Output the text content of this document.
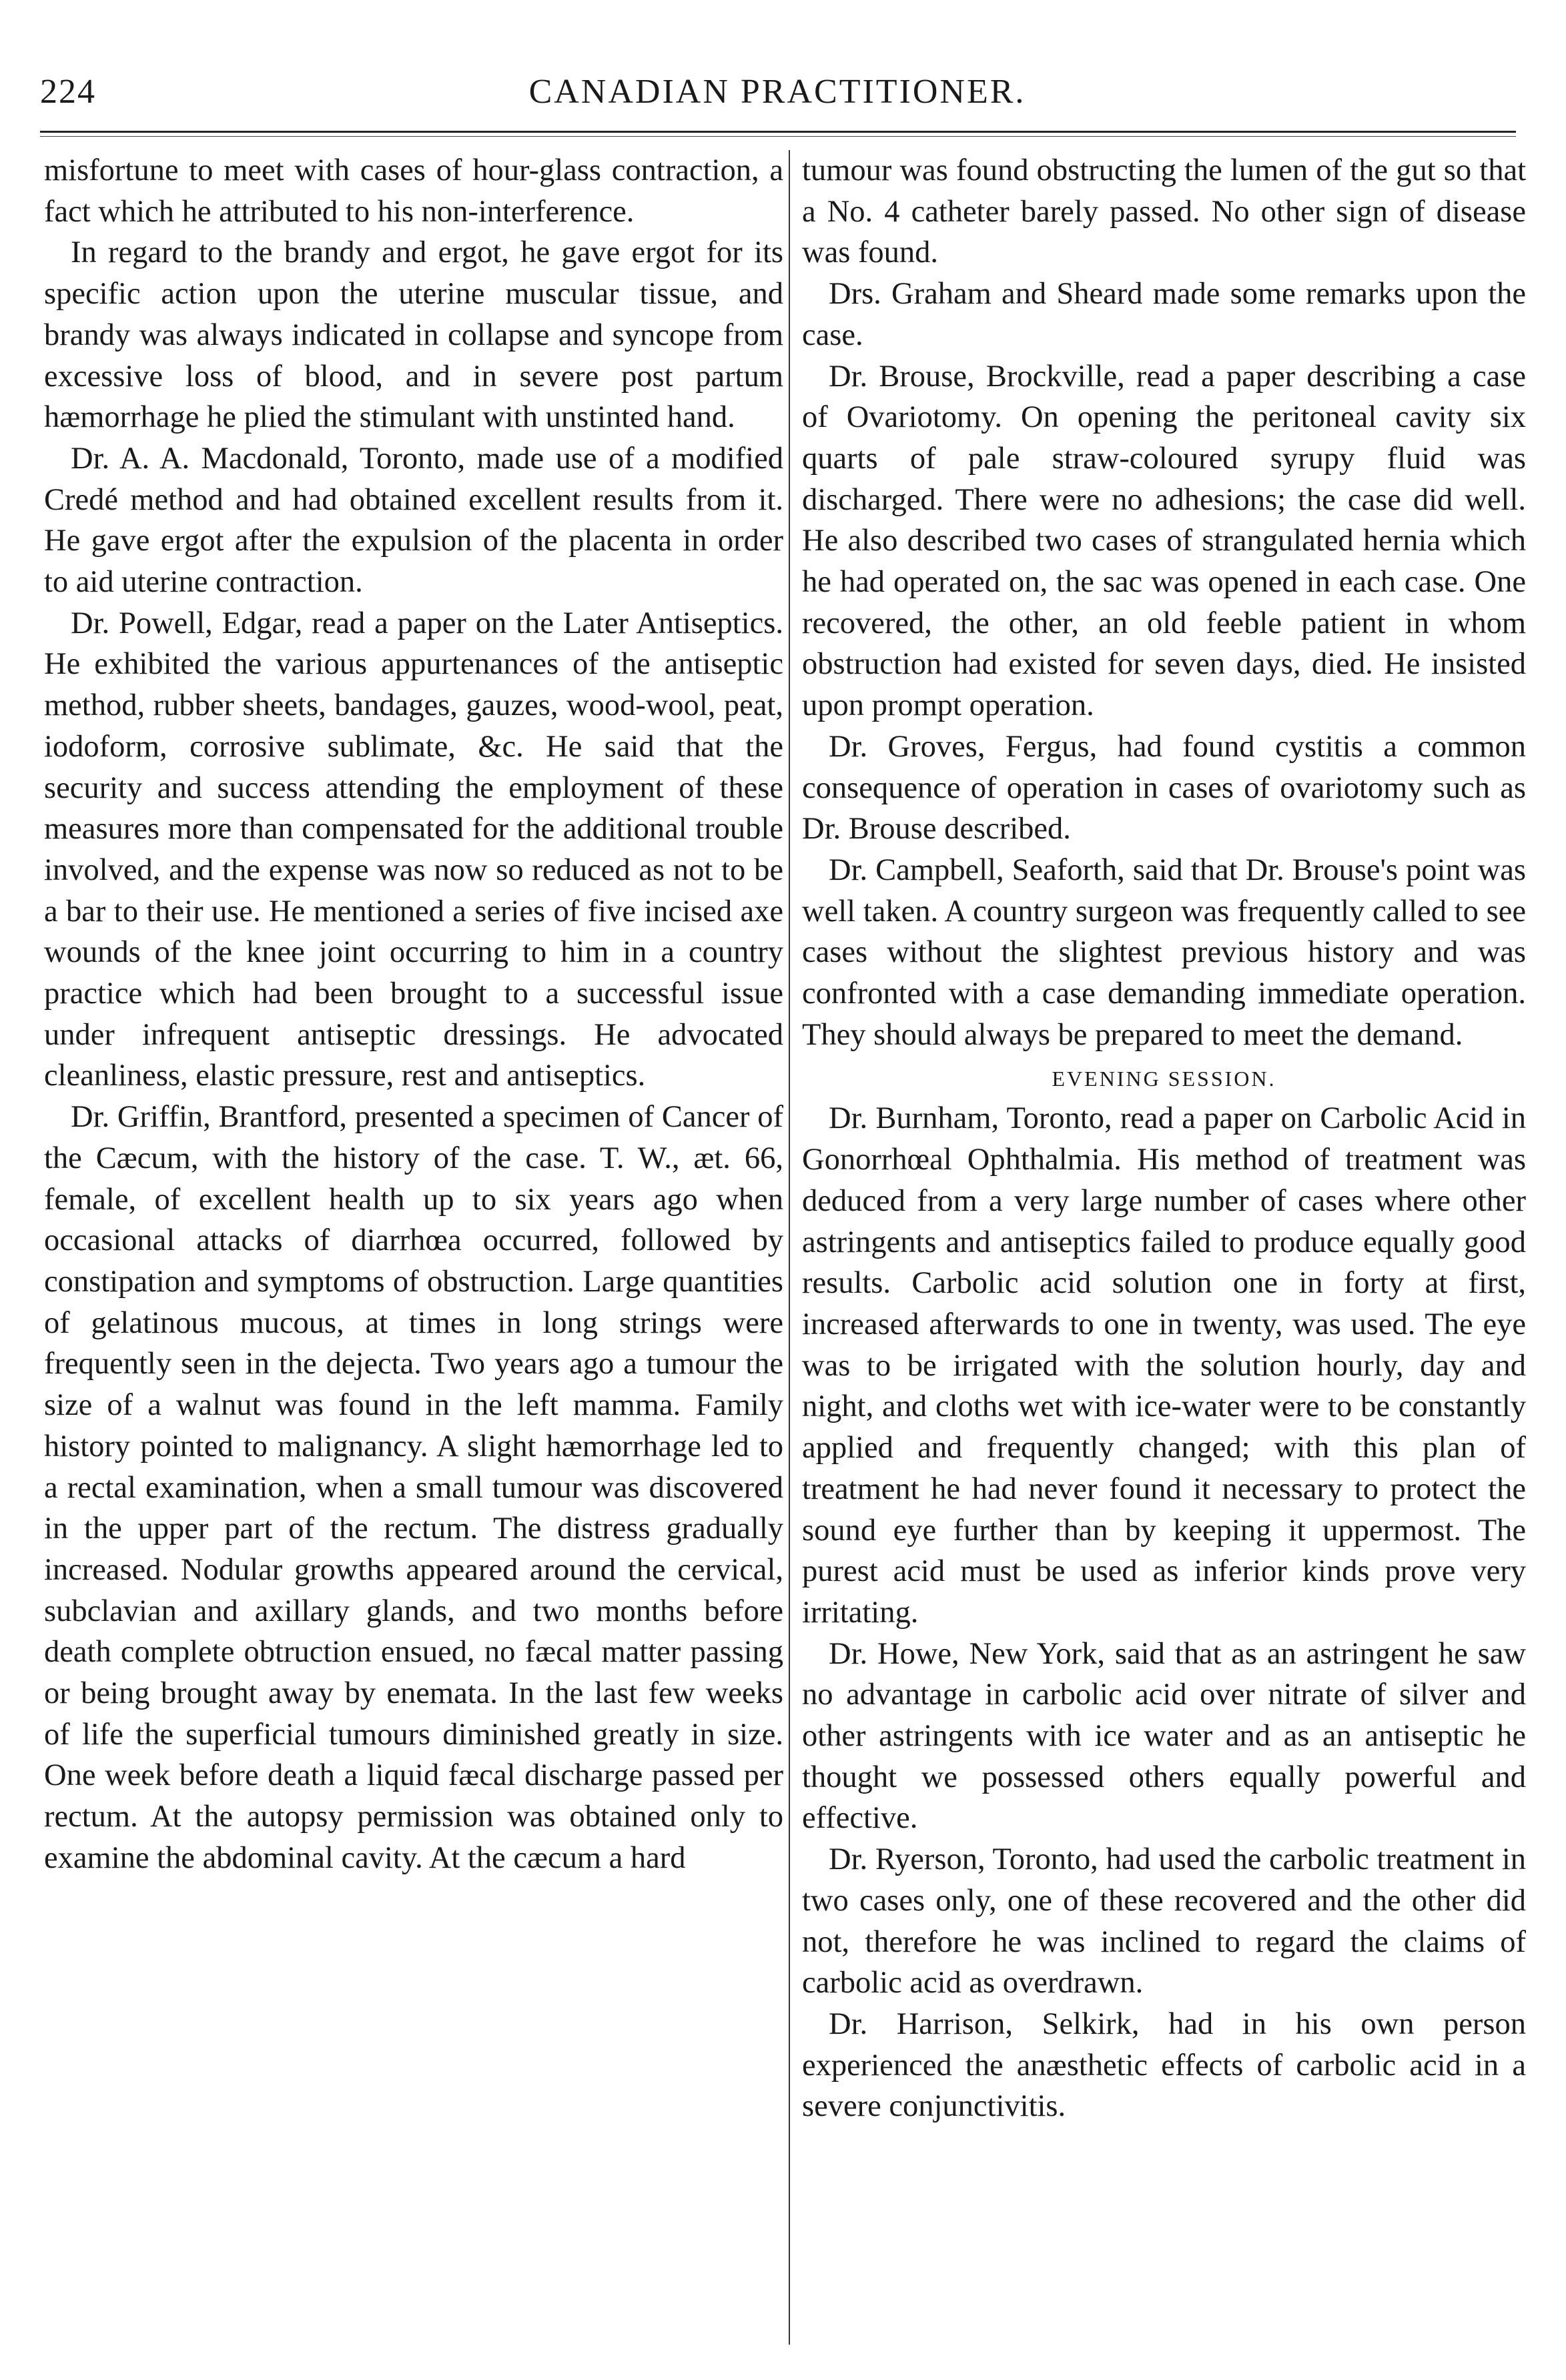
224	CANADIAN PRACTITIONER.

misfortune to meet with cases of hour-glass contraction, a fact which he attributed to his non-interference.

In regard to the brandy and ergot, he gave ergot for its specific action upon the uterine muscular tissue, and brandy was always indicated in collapse and syncope from excessive loss of blood, and in severe post partum hæmorrhage he plied the stimulant with unstinted hand.

Dr. A. A. Macdonald, Toronto, made use of a modified Credé method and had obtained excellent results from it. He gave ergot after the expulsion of the placenta in order to aid uterine contraction.

Dr. Powell, Edgar, read a paper on the Later Antiseptics. He exhibited the various appurtenances of the antiseptic method, rubber sheets, bandages, gauzes, wood-wool, peat, iodoform, corrosive sublimate, &c. He said that the security and success attending the employment of these measures more than compensated for the additional trouble involved, and the expense was now so reduced as not to be a bar to their use. He mentioned a series of five incised axe wounds of the knee joint occurring to him in a country practice which had been brought to a successful issue under infrequent antiseptic dressings. He advocated cleanliness, elastic pressure, rest and antiseptics.

Dr. Griffin, Brantford, presented a specimen of Cancer of the Cæcum, with the history of the case. T. W., æt. 66, female, of excellent health up to six years ago when occasional attacks of diarrhœa occurred, followed by constipation and symptoms of obstruction. Large quantities of gelatinous mucous, at times in long strings were frequently seen in the dejecta. Two years ago a tumour the size of a walnut was found in the left mamma. Family history pointed to malignancy. A slight hæmorrhage led to a rectal examination, when a small tumour was discovered in the upper part of the rectum. The distress gradually increased. Nodular growths appeared around the cervical, subclavian and axillary glands, and two months before death complete obtruction ensued, no fæcal matter passing or being brought away by enemata. In the last few weeks of life the superficial tumours diminished greatly in size. One week before death a liquid fæcal discharge passed per rectum. At the autopsy permission was obtained only to examine the abdominal cavity. At the cæcum a hard

tumour was found obstructing the lumen of the gut so that a No. 4 catheter barely passed. No other sign of disease was found.

Drs. Graham and Sheard made some remarks upon the case.

Dr. Brouse, Brockville, read a paper describing a case of Ovariotomy. On opening the peritoneal cavity six quarts of pale straw-coloured syrupy fluid was discharged. There were no adhesions; the case did well. He also described two cases of strangulated hernia which he had operated on, the sac was opened in each case. One recovered, the other, an old feeble patient in whom obstruction had existed for seven days, died. He insisted upon prompt operation.

Dr. Groves, Fergus, had found cystitis a common consequence of operation in cases of ovariotomy such as Dr. Brouse described.

Dr. Campbell, Seaforth, said that Dr. Brouse's point was well taken. A country surgeon was frequently called to see cases without the slightest previous history and was confronted with a case demanding immediate operation. They should always be prepared to meet the demand.

EVENING SESSION.

Dr. Burnham, Toronto, read a paper on Carbolic Acid in Gonorrhœal Ophthalmia. His method of treatment was deduced from a very large number of cases where other astringents and antiseptics failed to produce equally good results. Carbolic acid solution one in forty at first, increased afterwards to one in twenty, was used. The eye was to be irrigated with the solution hourly, day and night, and cloths wet with ice-water were to be constantly applied and frequently changed; with this plan of treatment he had never found it necessary to protect the sound eye further than by keeping it uppermost. The purest acid must be used as inferior kinds prove very irritating.

Dr. Howe, New York, said that as an astringent he saw no advantage in carbolic acid over nitrate of silver and other astringents with ice water and as an antiseptic he thought we possessed others equally powerful and effective.

Dr. Ryerson, Toronto, had used the carbolic treatment in two cases only, one of these recovered and the other did not, therefore he was inclined to regard the claims of carbolic acid as overdrawn.

Dr. Harrison, Selkirk, had in his own person experienced the anæsthetic effects of carbolic acid in a severe conjunctivitis.
